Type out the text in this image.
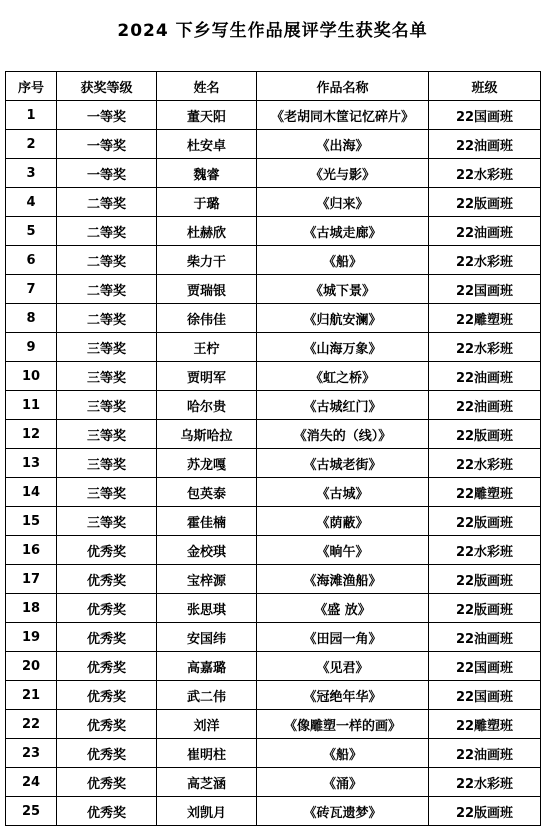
2024 下乡写生作品展评学生获奖名单
序号	获奖等级	姓名	作品名称	班级
1	一等奖	董天阳	《老胡同木筐记忆碎片》	22国画班
2	一等奖	杜安卓	《出海》	22油画班
3	一等奖	魏睿	《光与影》	22水彩班
4	二等奖	于璐	《归来》	22版画班
5	二等奖	杜赫欣	《古城走廊》	22油画班
6	二等奖	柴力干	《船》	22水彩班
7	二等奖	贾瑞银	《城下景》	22国画班
8	二等奖	徐伟佳	《归航安澜》	22雕塑班
9	三等奖	王柠	《山海万象》	22水彩班
10	三等奖	贾明军	《虹之桥》	22油画班
11	三等奖	哈尔贵	《古城红门》	22油画班
12	三等奖	乌斯哈拉	《消失的（线）》	22版画班
13	三等奖	苏龙嘎	《古城老街》	22水彩班
14	三等奖	包英泰	《古城》	22雕塑班
15	三等奖	霍佳楠	《荫蔽》	22版画班
16	优秀奖	金校琪	《晌午》	22水彩班
17	优秀奖	宝梓源	《海滩渔船》	22版画班
18	优秀奖	张思琪	《盛 放》	22版画班
19	优秀奖	安国纬	《田园一角》	22油画班
20	优秀奖	高嘉璐	《见君》	22国画班
21	优秀奖	武二伟	《冠绝年华》	22国画班
22	优秀奖	刘洋	《像雕塑一样的画》	22雕塑班
23	优秀奖	崔明柱	《船》	22油画班
24	优秀奖	高芝涵	《涌》	22水彩班
25	优秀奖	刘凯月	《砖瓦遗梦》	22版画班
